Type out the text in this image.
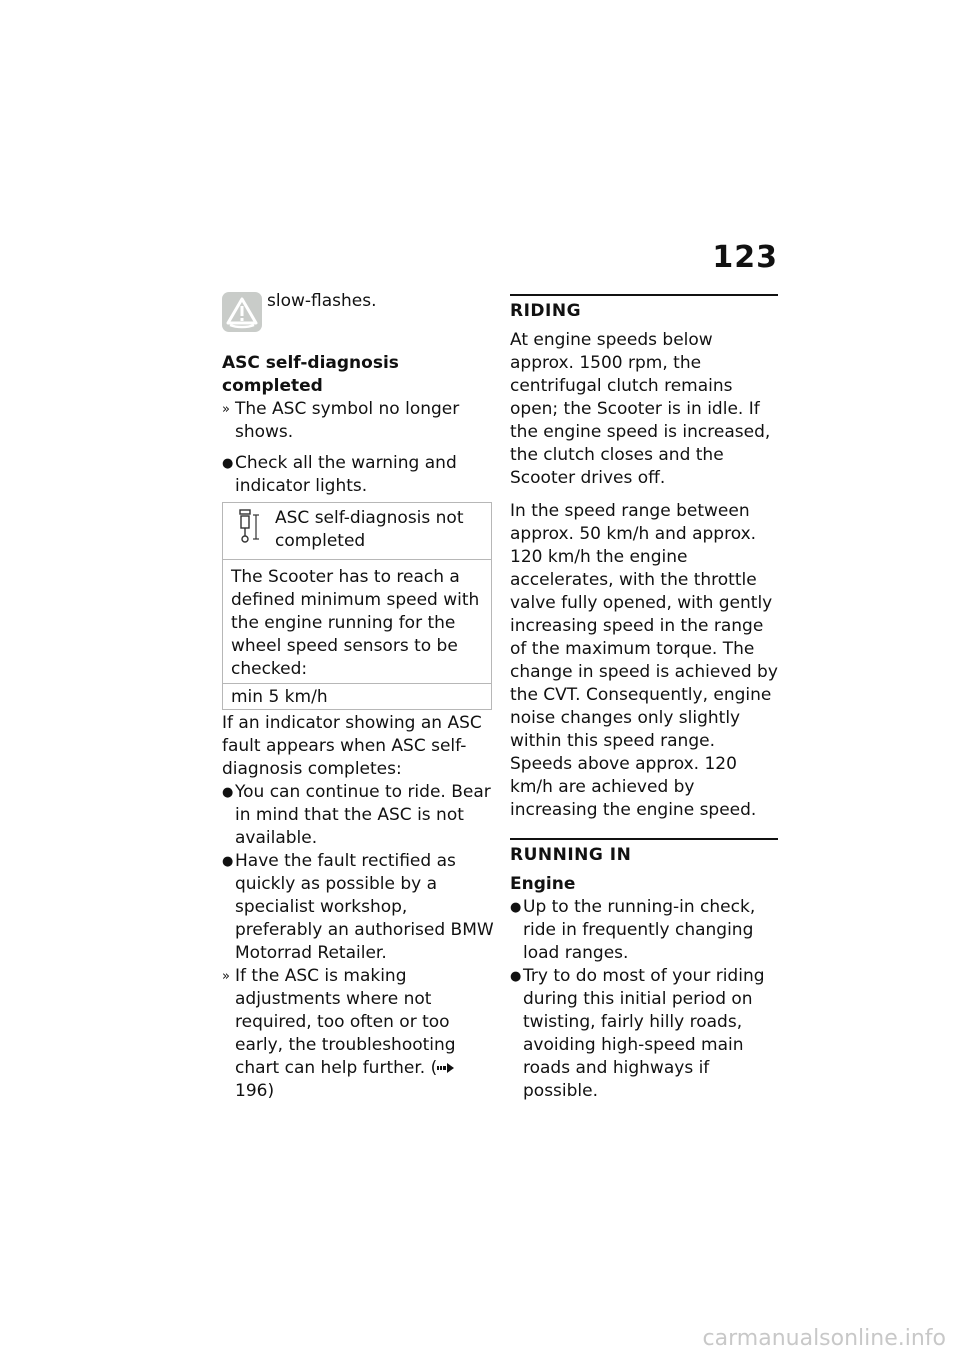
123
slow-flashes.
ASC self-diagnosis completed
» The ASC symbol no longer shows.
● Check all the warning and indicator lights.
ASC self-diagnosis not completed
The Scooter has to reach a defined minimum speed with the engine running for the wheel speed sensors to be checked:
min 5 km/h
If an indicator showing an ASC fault appears when ASC self-diagnosis completes:
● You can continue to ride. Bear in mind that the ASC is not available.
● Have the fault rectified as quickly as possible by a specialist workshop, preferably an authorised BMW Motorrad Retailer.
» If the ASC is making adjustments where not required, too often or too early, the troubleshooting chart can help further. ( 196)
RIDING

At engine speeds below approx. 1500 rpm, the centrifugal clutch remains open; the Scooter is in idle. If the engine speed is increased, the clutch closes and the Scooter drives off.

In the speed range between approx. 50 km/h and approx. 120 km/h the engine accelerates, with the throttle valve fully opened, with gently increasing speed in the range of the maximum torque. The change in speed is achieved by the CVT. Consequently, engine noise changes only slightly within this speed range.

Speeds above approx. 120 km/h are achieved by increasing the engine speed.

RUNNING IN
Engine
● Up to the running-in check, ride in frequently changing load ranges.
● Try to do most of your riding during this initial period on twisting, fairly hilly roads, avoiding high-speed main roads and highways if possible.
carmanualsonline.info
